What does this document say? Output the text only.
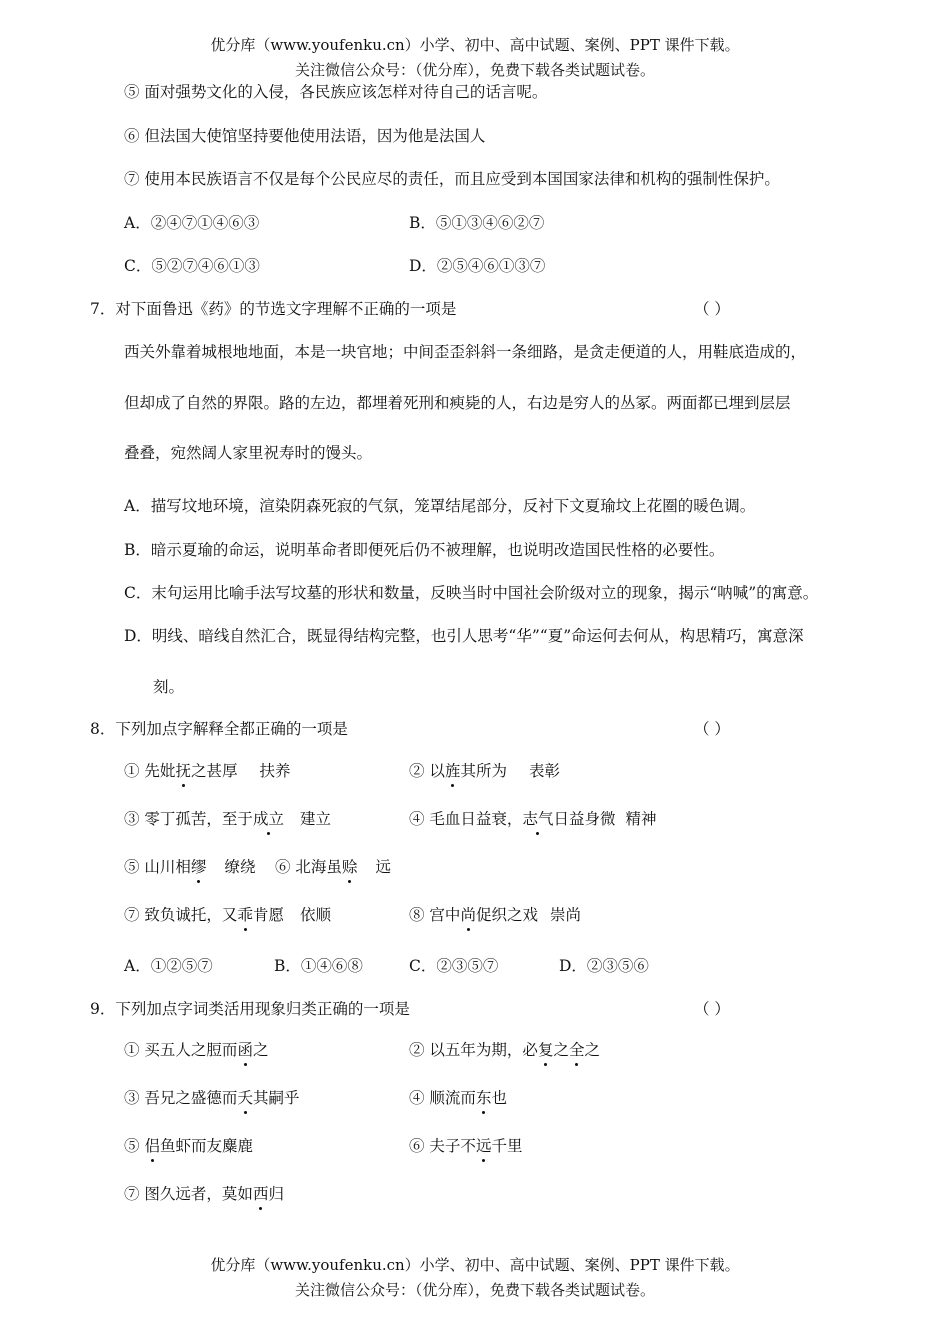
优分库（www.youfenku.cn）小学、初中、高中试题、案例、PPT 课件下载。
关注微信公众号：（优分库），免费下载各类试题试卷。
⑤ 面对强势文化的入侵，各民族应该怎样对待自己的话言呢。
⑥ 但法国大使馆坚持要他使用法语，因为他是法国人
⑦ 使用本民族语言不仅是每个公民应尽的责任，而且应受到本国国家法律和机构的强制性保护。
A．②④⑦①④⑥③	B．⑤①③④⑥②⑦
C．⑤②⑦④⑥①③	D．②⑤④⑥①③⑦
7．对下面鲁迅《药》的节选文字理解不正确的一项是	（ ）
西关外靠着城根地地面，本是一块官地；中间歪歪斜斜一条细路，是贪走便道的人，用鞋底造成的，
但却成了自然的界限。路的左边，都埋着死刑和瘐毙的人，右边是穷人的丛冢。两面都已埋到层层
叠叠，宛然阔人家里祝寿时的馒头。
A．描写坟地环境，渲染阴森死寂的气氛，笼罩结尾部分，反衬下文夏瑜坟上花圈的暖色调。
B．暗示夏瑜的命运，说明革命者即便死后仍不被理解，也说明改造国民性格的必要性。
C．末句运用比喻手法写坟墓的形状和数量，反映当时中国社会阶级对立的现象，揭示“呐喊”的寓意。
D．明线、暗线自然汇合，既显得结构完整，也引人思考“华”“夏”命运何去何从，构思精巧，寓意深
刻。
8．下列加点字解释全都正确的一项是	（ ）
① 先妣抚之甚厚 扶养	② 以旌其所为 表彰
③ 零丁孤苦，至于成立 建立	④ 毛血日益衰，志气日益身微 精神
⑤ 山川相缪 缭绕 ⑥ 北海虽赊 远
⑦ 致负诚托，又乖肯愿 依顺	⑧ 宫中尚促织之戏 崇尚
A．①②⑤⑦	B．①④⑥⑧	C．②③⑤⑦	D．②③⑤⑥
9．下列加点字词类活用现象归类正确的一项是	（ ）
① 买五人之脰而函之	② 以五年为期，必复之全之
③ 吾兄之盛德而夭其嗣乎	④ 顺流而东也
⑤ 侣鱼虾而友麋鹿	⑥ 夫子不远千里
⑦ 图久远者，莫如西归
优分库（www.youfenku.cn）小学、初中、高中试题、案例、PPT 课件下载。
关注微信公众号：（优分库），免费下载各类试题试卷。
